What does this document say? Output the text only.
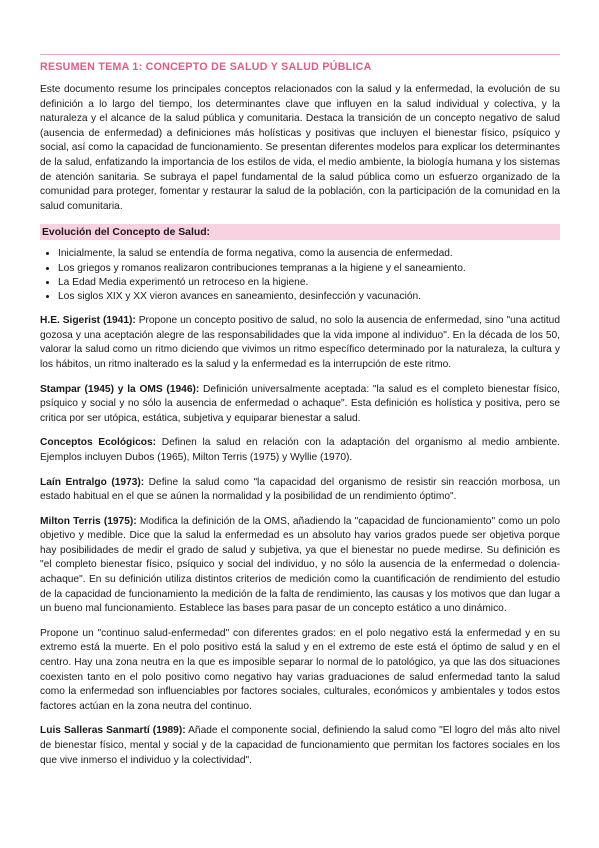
RESUMEN TEMA 1: CONCEPTO DE SALUD Y SALUD PÚBLICA

Este documento resume los principales conceptos relacionados con la salud y la enfermedad, la evolución de su definición a lo largo del tiempo, los determinantes clave que influyen en la salud individual y colectiva, y la naturaleza y el alcance de la salud pública y comunitaria. Destaca la transición de un concepto negativo de salud (ausencia de enfermedad) a definiciones más holísticas y positivas que incluyen el bienestar físico, psíquico y social, así como la capacidad de funcionamiento. Se presentan diferentes modelos para explicar los determinantes de la salud, enfatizando la importancia de los estilos de vida, el medio ambiente, la biología humana y los sistemas de atención sanitaria. Se subraya el papel fundamental de la salud pública como un esfuerzo organizado de la comunidad para proteger, fomentar y restaurar la salud de la población, con la participación de la comunidad en la salud comunitaria.

Evolución del Concepto de Salud:
• Inicialmente, la salud se entendía de forma negativa, como la ausencia de enfermedad.
• Los griegos y romanos realizaron contribuciones tempranas a la higiene y el saneamiento.
• La Edad Media experimentó un retroceso en la higiene.
• Los siglos XIX y XX vieron avances en saneamiento, desinfección y vacunación.

H.E. Sigerist (1941): Propone un concepto positivo de salud, no solo la ausencia de enfermedad, sino "una actitud gozosa y una aceptación alegre de las responsabilidades que la vida impone al individuo". En la década de los 50, valorar la salud como un ritmo diciendo que vivimos un ritmo específico determinado por la naturaleza, la cultura y los hábitos, un ritmo inalterado es la salud y la enfermedad es la interrupción de este ritmo.

Stampar (1945) y la OMS (1946): Definición universalmente aceptada: "la salud es el completo bienestar físico, psíquico y social y no sólo la ausencia de enfermedad o achaque". Esta definición es holística y positiva, pero se critica por ser utópica, estática, subjetiva y equiparar bienestar a salud.

Conceptos Ecológicos: Definen la salud en relación con la adaptación del organismo al medio ambiente. Ejemplos incluyen Dubos (1965), Milton Terris (1975) y Wyllie (1970).

Laín Entralgo (1973): Define la salud como "la capacidad del organismo de resistir sin reacción morbosa, un estado habitual en el que se aúnen la normalidad y la posibilidad de un rendimiento óptimo".

Milton Terris (1975): Modifica la definición de la OMS, añadiendo la "capacidad de funcionamiento" como un polo objetivo y medible. Dice que la salud la enfermedad es un absoluto hay varios grados puede ser objetiva porque hay posibilidades de medir el grado de salud y subjetiva, ya que el bienestar no puede medirse. Su definición es "el completo bienestar físico, psíquico y social del individuo, y no sólo la ausencia de la enfermedad o dolencia-achaque". En su definición utiliza distintos criterios de medición como la cuantificación de rendimiento del estudio de la capacidad de funcionamiento la medición de la falta de rendimiento, las causas y los motivos que dan lugar a un bueno mal funcionamiento. Establece las bases para pasar de un concepto estático a uno dinámico.

Propone un "continuo salud-enfermedad" con diferentes grados: en el polo negativo está la enfermedad y en su extremo está la muerte. En el polo positivo está la salud y en el extremo de este está el óptimo de salud y en el centro. Hay una zona neutra en la que es imposible separar lo normal de lo patológico, ya que las dos situaciones coexisten tanto en el polo positivo como negativo hay varias graduaciones de salud enfermedad tanto la salud como la enfermedad son influenciables por factores sociales, culturales, económicos y ambientales y todos estos factores actúan en la zona neutra del continuo.

Luis Salleras Sanmartí (1989): Añade el componente social, definiendo la salud como "El logro del más alto nivel de bienestar físico, mental y social y de la capacidad de funcionamiento que permitan los factores sociales en los que vive inmerso el individuo y la colectividad".
